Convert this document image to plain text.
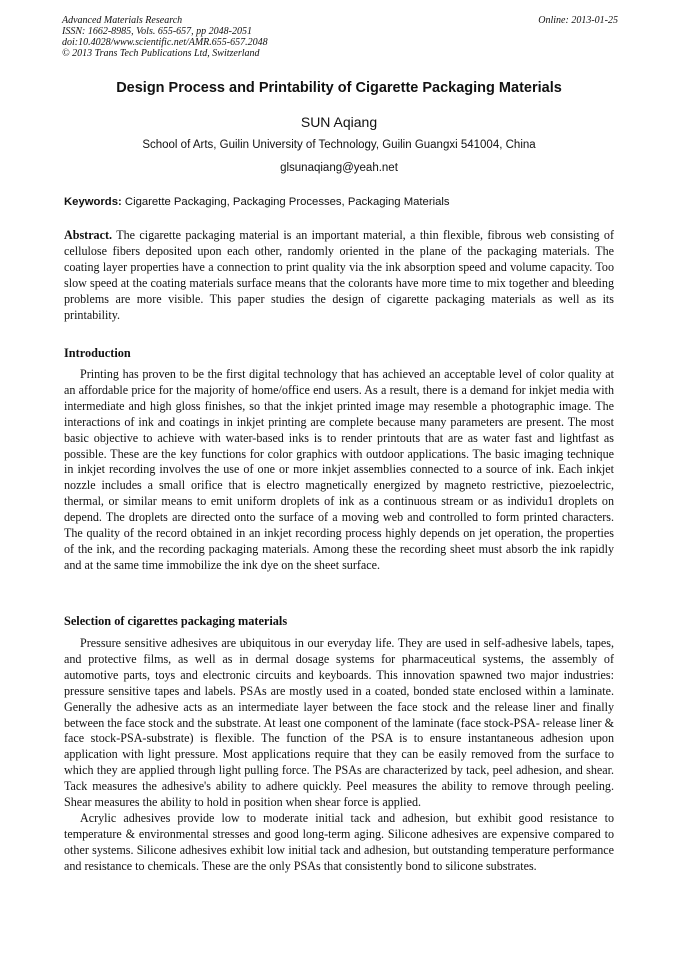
Advanced Materials Research
ISSN: 1662-8985, Vols. 655-657, pp 2048-2051
doi:10.4028/www.scientific.net/AMR.655-657.2048
© 2013 Trans Tech Publications Ltd, Switzerland
Online: 2013-01-25
Design Process and Printability of Cigarette Packaging Materials
SUN Aqiang
School of Arts, Guilin University of Technology, Guilin Guangxi 541004, China
glsunaqiang@yeah.net
Keywords: Cigarette Packaging, Packaging Processes, Packaging Materials

Abstract. The cigarette packaging material is an important material, a thin flexible, fibrous web consisting of cellulose fibers deposited upon each other, randomly oriented in the plane of the packaging materials. The coating layer properties have a connection to print quality via the ink absorption speed and volume capacity. Too slow speed at the coating materials surface means that the colorants have more time to mix together and bleeding problems are more visible. This paper studies the design of cigarette packaging materials as well as its printability.

Introduction

Printing has proven to be the first digital technology that has achieved an acceptable level of color quality at an affordable price for the majority of home/office end users. As a result, there is a demand for inkjet media with intermediate and high gloss finishes, so that the inkjet printed image may resemble a photographic image. The interactions of ink and coatings in inkjet printing are complete because many parameters are present. The most basic objective to achieve with water-based inks is to render printouts that are as water fast and lightfast as possible. These are the key functions for color graphics with outdoor applications. The basic imaging technique in inkjet recording involves the use of one or more inkjet assemblies connected to a source of ink. Each inkjet nozzle includes a small orifice that is electro magnetically energized by magneto restrictive, piezoelectric, thermal, or similar means to emit uniform droplets of ink as a continuous stream or as individu1 droplets on depend. The droplets are directed onto the surface of a moving web and controlled to form printed characters. The quality of the record obtained in an inkjet recording process highly depends on jet operation, the properties of the ink, and the recording packaging materials. Among these the recording sheet must absorb the ink rapidly and at the same time immobilize the ink dye on the sheet surface.

Selection of cigarettes packaging materials

Pressure sensitive adhesives are ubiquitous in our everyday life. They are used in self-adhesive labels, tapes, and protective films, as well as in dermal dosage systems for pharmaceutical systems, the assembly of automotive parts, toys and electronic circuits and keyboards. This innovation spawned two major industries: pressure sensitive tapes and labels. PSAs are mostly used in a coated, bonded state enclosed within a laminate. Generally the adhesive acts as an intermediate layer between the face stock and the release liner and finally between the face stock and the substrate. At least one component of the laminate (face stock-PSA- release liner & face stock-PSA-substrate) is flexible. The function of the PSA is to ensure instantaneous adhesion upon application with light pressure. Most applications require that they can be easily removed from the surface to which they are applied through light pulling force. The PSAs are characterized by tack, peel adhesion, and shear. Tack measures the adhesive's ability to adhere quickly. Peel measures the ability to remove through peeling. Shear measures the ability to hold in position when shear force is applied.

Acrylic adhesives provide low to moderate initial tack and adhesion, but exhibit good resistance to temperature & environmental stresses and good long-term aging. Silicone adhesives are expensive compared to other systems. Silicone adhesives exhibit low initial tack and adhesion, but outstanding temperature performance and resistance to chemicals. These are the only PSAs that consistently bond to silicone substrates.
